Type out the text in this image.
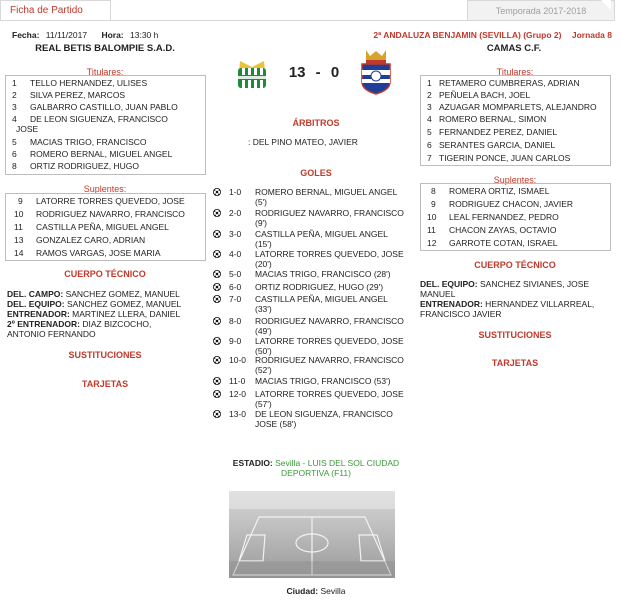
Ficha de Partido	Temporada 2017-2018
Fecha: 11/11/2017 Hora: 13:30 h	2ª ANDALUZA BENJAMIN (SEVILLA) (Grupo 2) Jornada 8
REAL BETIS BALOMPIE S.A.D.	CAMAS C.F.
13 - 0
Titulares:
1	TELLO HERNANDEZ, ULISES
2	SILVA PEREZ, MARCOS
3	GALBARRO CASTILLO, JUAN PABLO
4	DE LEON SIGUENZA, FRANCISCO
JOSE
5	MACIAS TRIGO, FRANCISCO
6	ROMERO BERNAL, MIGUEL ANGEL
8	ORTIZ RODRIGUEZ, HUGO
Suplentes:
9	LATORRE TORRES QUEVEDO, JOSE
10	RODRIGUEZ NAVARRO, FRANCISCO
11	CASTILLA PEÑA, MIGUEL ANGEL
13	GONZALEZ CARO, ADRIAN
14	RAMOS VARGAS, JOSE MARIA
CUERPO TÉCNICO
DEL. CAMPO: SANCHEZ GOMEZ, MANUEL
DEL. EQUIPO: SANCHEZ GOMEZ, MANUEL
ENTRENADOR: MARTINEZ LLERA, DANIEL
2º ENTRENADOR: DIAZ BIZCOCHO,
ANTONIO FERNANDO
SUSTITUCIONES
TARJETAS
Titulares:
1 RETAMERO CUMBRERAS, ADRIAN
2 PEÑUELA BACH, JOEL
3 AZUAGAR MOMPARLETS, ALEJANDRO
4 ROMERO BERNAL, SIMON
5 FERNANDEZ PEREZ, DANIEL
6 SERANTES GARCIA, DANIEL
7 TIGERIN PONCE, JUAN CARLOS
Suplentes:
8	ROMERA ORTIZ, ISMAEL
9	RODRIGUEZ CHACON, JAVIER
10	LEAL FERNANDEZ, PEDRO
11	CHACON ZAYAS, OCTAVIO
12	GARROTE COTAN, ISRAEL
CUERPO TÉCNICO
DEL. EQUIPO: SANCHEZ SIVIANES, JOSE
MANUEL
ENTRENADOR: HERNANDEZ VILLARREAL,
FRANCISCO JAVIER
SUSTITUCIONES
TARJETAS
ÁRBITROS
: DEL PINO MATEO, JAVIER
GOLES
1-0 ROMERO BERNAL, MIGUEL ANGEL
(5')
2-0 RODRIGUEZ NAVARRO, FRANCISCO
(9')
3-0 CASTILLA PEÑA, MIGUEL ANGEL
(15')
4-0 LATORRE TORRES QUEVEDO, JOSE
(20')
5-0 MACIAS TRIGO, FRANCISCO (28')
6-0 ORTIZ RODRIGUEZ, HUGO (29')
7-0 CASTILLA PEÑA, MIGUEL ANGEL
(33')
8-0 RODRIGUEZ NAVARRO, FRANCISCO
(49')
9-0 LATORRE TORRES QUEVEDO, JOSE
(50')
10-0 RODRIGUEZ NAVARRO, FRANCISCO
(52')
11-0 MACIAS TRIGO, FRANCISCO (53')
12-0 LATORRE TORRES QUEVEDO, JOSE
(57')
13-0 DE LEON SIGUENZA, FRANCISCO
JOSE (58')
ESTADIO: Sevilla - LUIS DEL SOL CIUDAD
DEPORTIVA (F11)
Ciudad: Sevilla
